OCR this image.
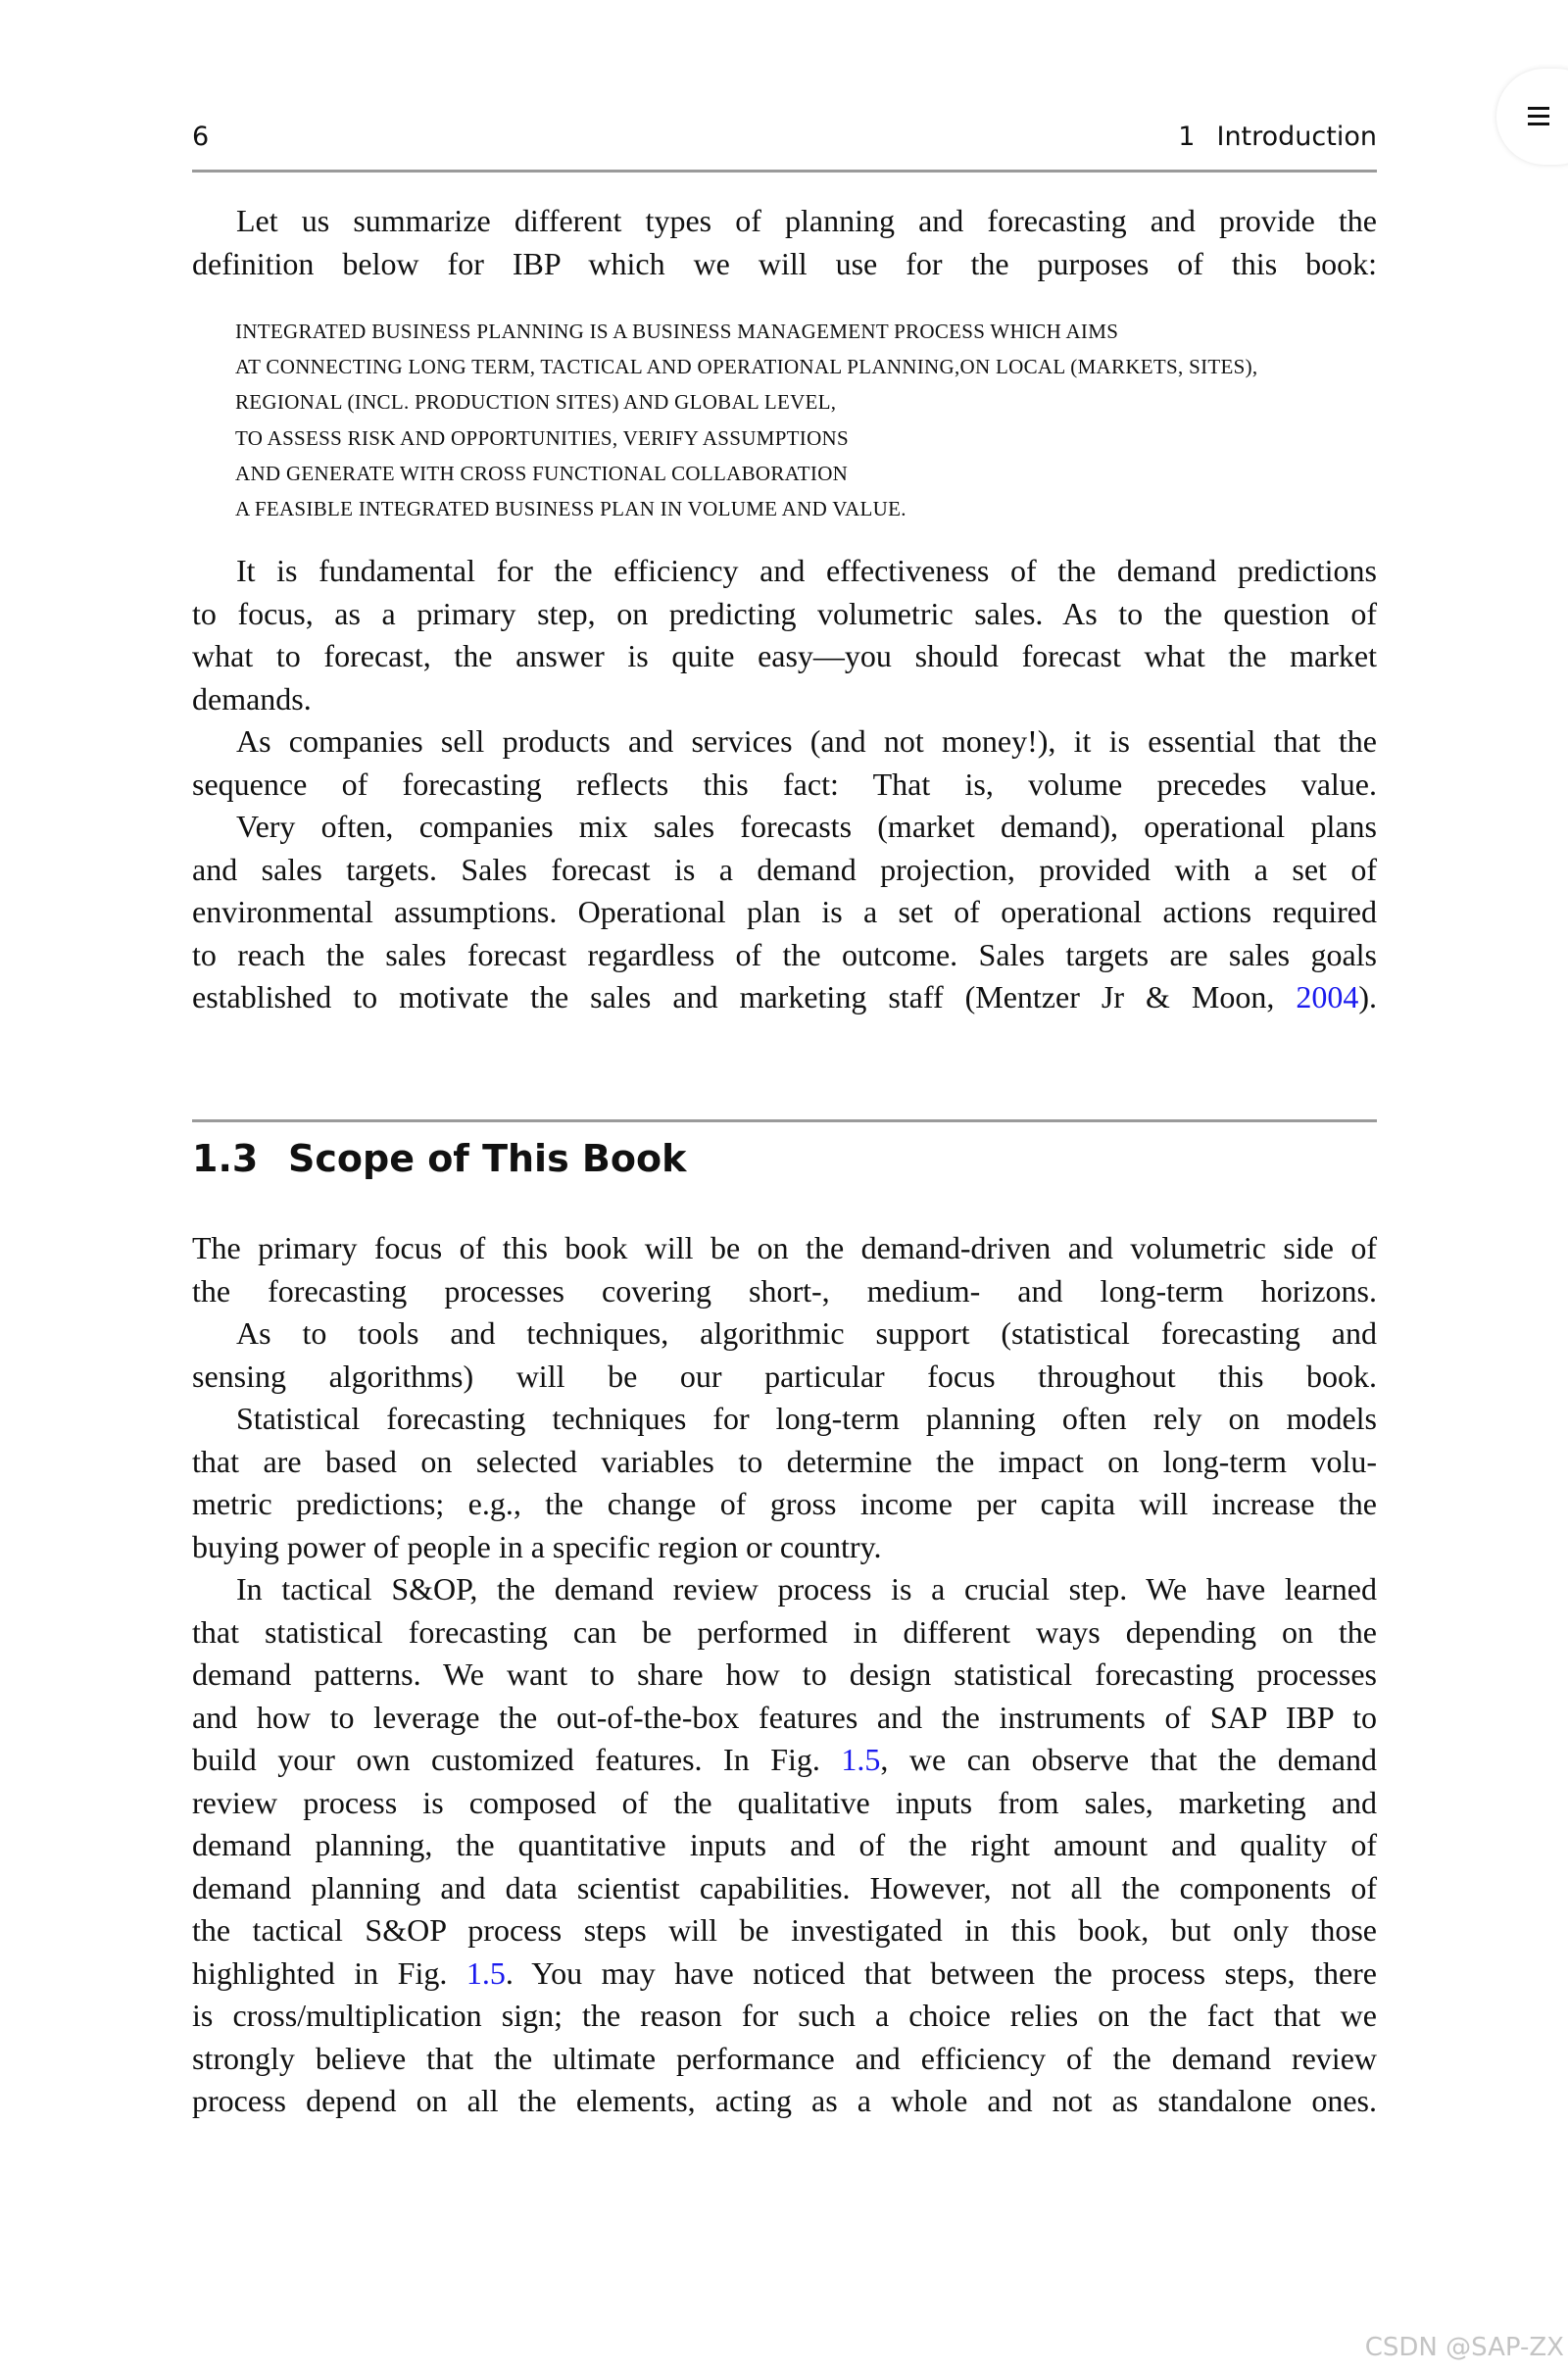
6	1 Introduction
Let us summarize different types of planning and forecasting and provide the
definition below for IBP which we will use for the purposes of this book:
INTEGRATED BUSINESS PLANNING IS A BUSINESS MANAGEMENT PROCESS WHICH AIMS
AT CONNECTING LONG TERM, TACTICAL AND OPERATIONAL PLANNING,ON LOCAL (MARKETS, SITES),
REGIONAL (INCL. PRODUCTION SITES) AND GLOBAL LEVEL,
TO ASSESS RISK AND OPPORTUNITIES, VERIFY ASSUMPTIONS
AND GENERATE WITH CROSS FUNCTIONAL COLLABORATION
A FEASIBLE INTEGRATED BUSINESS PLAN IN VOLUME AND VALUE.
It is fundamental for the efficiency and effectiveness of the demand predictions
to focus, as a primary step, on predicting volumetric sales. As to the question of
what to forecast, the answer is quite easy—you should forecast what the market
demands.
As companies sell products and services (and not money!), it is essential that the
sequence of forecasting reflects this fact: That is, volume precedes value.
Very often, companies mix sales forecasts (market demand), operational plans
and sales targets. Sales forecast is a demand projection, provided with a set of
environmental assumptions. Operational plan is a set of operational actions required
to reach the sales forecast regardless of the outcome. Sales targets are sales goals
established to motivate the sales and marketing staff (Mentzer Jr & Moon, 2004).
1.3 Scope of This Book
The primary focus of this book will be on the demand-driven and volumetric side of
the forecasting processes covering short-, medium- and long-term horizons.
As to tools and techniques, algorithmic support (statistical forecasting and
sensing algorithms) will be our particular focus throughout this book.
Statistical forecasting techniques for long-term planning often rely on models
that are based on selected variables to determine the impact on long-term volu-
metric predictions; e.g., the change of gross income per capita will increase the
buying power of people in a specific region or country.
In tactical S&OP, the demand review process is a crucial step. We have learned
that statistical forecasting can be performed in different ways depending on the
demand patterns. We want to share how to design statistical forecasting processes
and how to leverage the out-of-the-box features and the instruments of SAP IBP to
build your own customized features. In Fig. 1.5, we can observe that the demand
review process is composed of the qualitative inputs from sales, marketing and
demand planning, the quantitative inputs and of the right amount and quality of
demand planning and data scientist capabilities. However, not all the components of
the tactical S&OP process steps will be investigated in this book, but only those
highlighted in Fig. 1.5. You may have noticed that between the process steps, there
is cross/multiplication sign; the reason for such a choice relies on the fact that we
strongly believe that the ultimate performance and efficiency of the demand review
process depend on all the elements, acting as a whole and not as standalone ones.
CSDN @SAP-ZX
